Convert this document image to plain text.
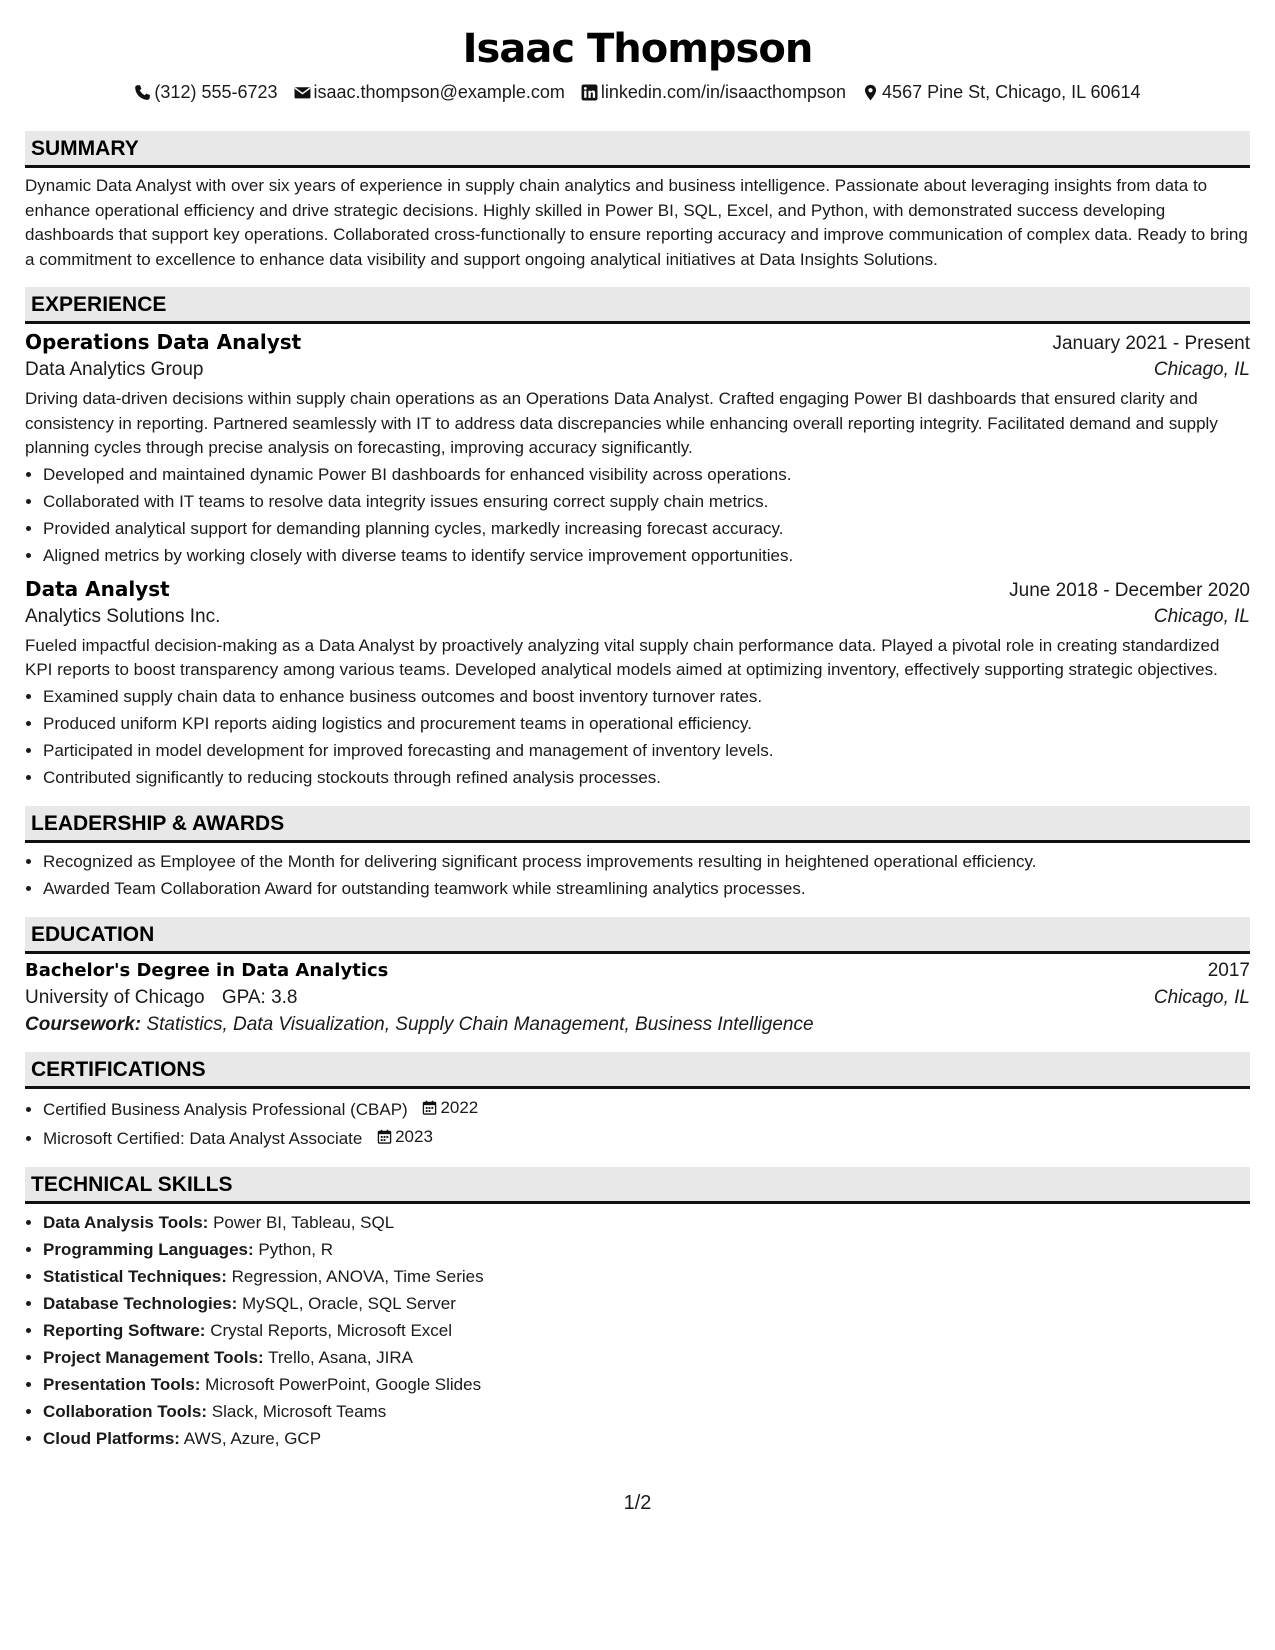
Isaac Thompson
(312) 555-6723 isaac.thompson@example.com linkedin.com/in/isaacthompson 4567 Pine St, Chicago, IL 60614
SUMMARY

Dynamic Data Analyst with over six years of experience in supply chain analytics and business intelligence. Passionate about leveraging insights from data to enhance operational efficiency and drive strategic decisions. Highly skilled in Power BI, SQL, Excel, and Python, with demonstrated success developing dashboards that support key operations. Collaborated cross-functionally to ensure reporting accuracy and improve communication of complex data. Ready to bring a commitment to excellence to enhance data visibility and support ongoing analytical initiatives at Data Insights Solutions.

EXPERIENCE
Operations Data Analyst	January 2021 - Present
Data Analytics Group	Chicago, IL

Driving data-driven decisions within supply chain operations as an Operations Data Analyst. Crafted engaging Power BI dashboards that ensured clarity and consistency in reporting. Partnered seamlessly with IT to address data discrepancies while enhancing overall reporting integrity. Facilitated demand and supply planning cycles through precise analysis on forecasting, improving accuracy significantly.

• Developed and maintained dynamic Power BI dashboards for enhanced visibility across operations.
• Collaborated with IT teams to resolve data integrity issues ensuring correct supply chain metrics.
• Provided analytical support for demanding planning cycles, markedly increasing forecast accuracy.
• Aligned metrics by working closely with diverse teams to identify service improvement opportunities.
Data Analyst	June 2018 - December 2020
Analytics Solutions Inc.	Chicago, IL

Fueled impactful decision-making as a Data Analyst by proactively analyzing vital supply chain performance data. Played a pivotal role in creating standardized KPI reports to boost transparency among various teams. Developed analytical models aimed at optimizing inventory, effectively supporting strategic objectives.

• Examined supply chain data to enhance business outcomes and boost inventory turnover rates.
• Produced uniform KPI reports aiding logistics and procurement teams in operational efficiency.
• Participated in model development for improved forecasting and management of inventory levels.
• Contributed significantly to reducing stockouts through refined analysis processes.
LEADERSHIP & AWARDS
• Recognized as Employee of the Month for delivering significant process improvements resulting in heightened operational efficiency.
• Awarded Team Collaboration Award for outstanding teamwork while streamlining analytics processes.
EDUCATION
Bachelor's Degree in Data Analytics	2017
University of Chicago GPA: 3.8	Chicago, IL
Coursework: Statistics, Data Visualization, Supply Chain Management, Business Intelligence
CERTIFICATIONS
• Certified Business Analysis Professional (CBAP) 2022
• Microsoft Certified: Data Analyst Associate 2023
TECHNICAL SKILLS
• Data Analysis Tools: Power BI, Tableau, SQL
• Programming Languages: Python, R
• Statistical Techniques: Regression, ANOVA, Time Series
• Database Technologies: MySQL, Oracle, SQL Server
• Reporting Software: Crystal Reports, Microsoft Excel
• Project Management Tools: Trello, Asana, JIRA
• Presentation Tools: Microsoft PowerPoint, Google Slides
• Collaboration Tools: Slack, Microsoft Teams
• Cloud Platforms: AWS, Azure, GCP
1/2
